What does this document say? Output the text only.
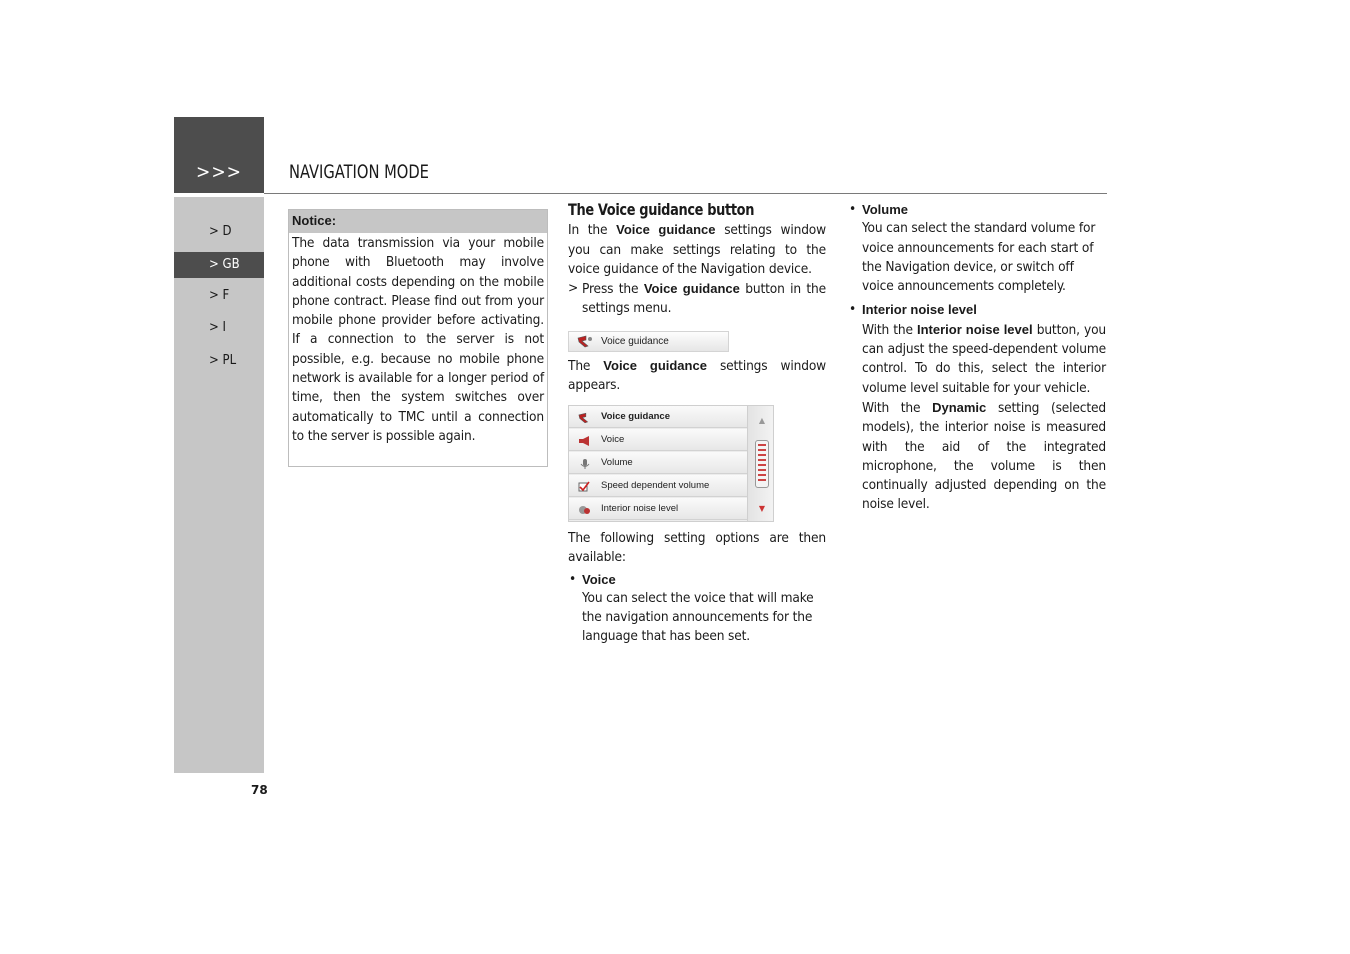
>>>
> D
> GB
> F
> I
> PL
NAVIGATION MODE
78
Notice:
The data transmission via your mobile phone with Bluetooth may involve additional costs depending on the mobile phone contract. Please find out from your mobile phone provider before activating. If a connection to the server is not possible, e.g. because no mobile phone network is available for a longer period of time, then the system switches over automatically to TMC until a connection to the server is possible again.
The Voice guidance button

In the Voice guidance settings window you can make settings relating to the voice guidance of the Navigation device.

> Press the Voice guidance button in the settings menu.
Voice guidance

The Voice guidance settings window appears.

Voice guidance
Voice
Volume
Speed dependent volume
Interior noise level
▲
▼

The following setting options are then available:

• Voice
You can select the voice that will make the navigation announcements for the language that has been set.
• Volume
You can select the standard volume for voice announcements for each start of the Navigation device, or switch off voice announcements completely.
• Interior noise level

With the Interior noise level button, you can adjust the speed-dependent volume control. To do this, select the interior volume level suitable for your vehicle.

With the Dynamic setting (selected models), the interior noise is measured with the aid of the integrated microphone, the volume is then continually adjusted depending on the noise level.
